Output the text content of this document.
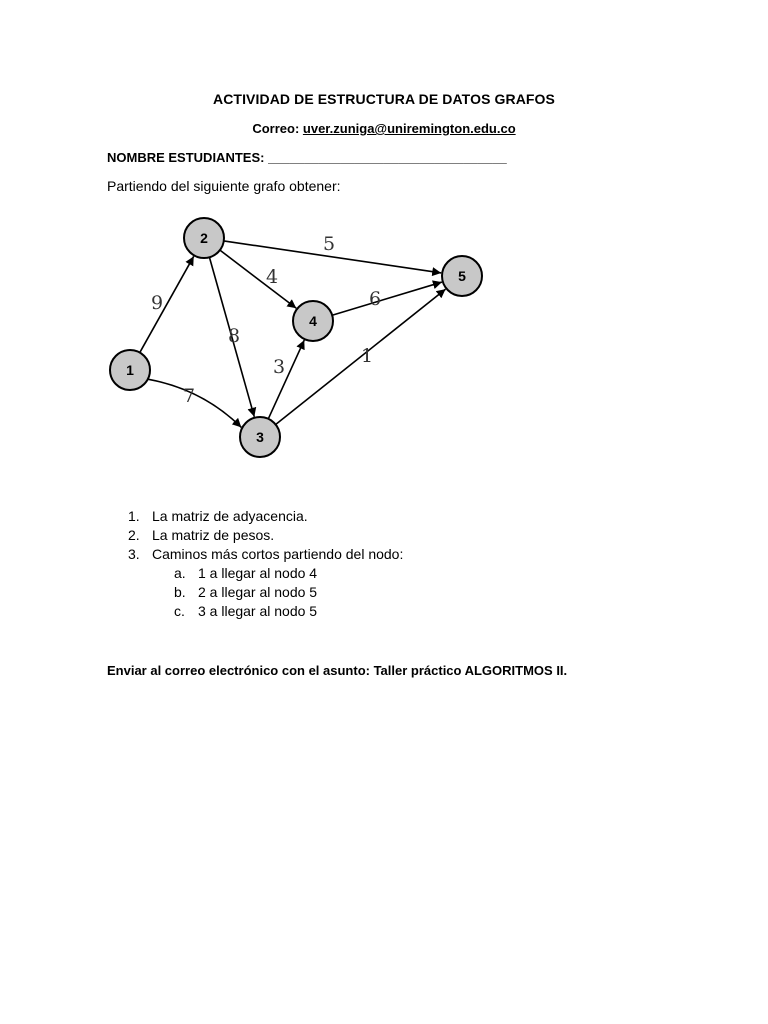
ACTIVIDAD DE ESTRUCTURA DE DATOS GRAFOS
Correo: uver.zuniga@uniremington.edu.co
NOMBRE ESTUDIANTES: _________________________________
Partiendo del siguiente grafo obtener:
1
2
3
4
5
9
7
8
4
5
3	1
6
1. La matriz de adyacencia.
2. La matriz de pesos.
3. Caminos más cortos partiendo del nodo:
a. 1 a llegar al nodo 4
b. 2 a llegar al nodo 5
c. 3 a llegar al nodo 5
Enviar al correo electrónico con el asunto: Taller práctico ALGORITMOS II.
